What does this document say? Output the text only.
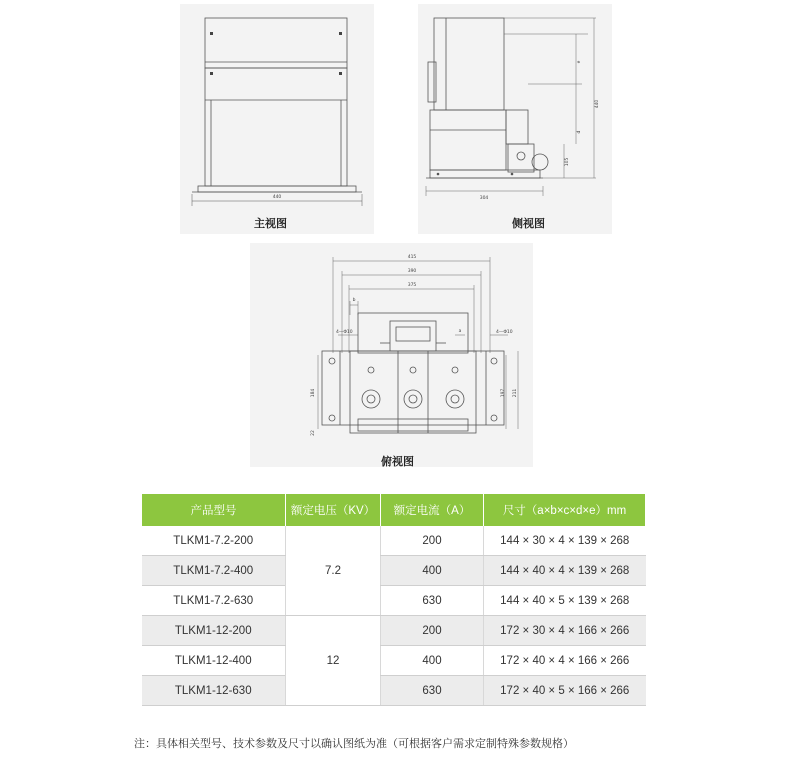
440
主视图
304
440
105
e
d
侧视图
415
390
375
b
a
4—Φ10	4—Φ10
184
22
197 211
俯视图
产品型号	额定电压（KV）	额定电流（A）	尺寸（a×b×c×d×e）mm
TLKM1-7.2-200	7.2	200	144 × 30 × 4 × 139 × 268
TLKM1-7.2-400		400	144 × 40 × 4 × 139 × 268
TLKM1-7.2-630		630	144 × 40 × 5 × 139 × 268
TLKM1-12-200	12	200	172 × 30 × 4 × 166 × 266
TLKM1-12-400		400	172 × 40 × 4 × 166 × 266
TLKM1-12-630		630	172 × 40 × 5 × 166 × 266
注：具体相关型号、技术参数及尺寸以确认图纸为准（可根据客户需求定制特殊参数规格）
